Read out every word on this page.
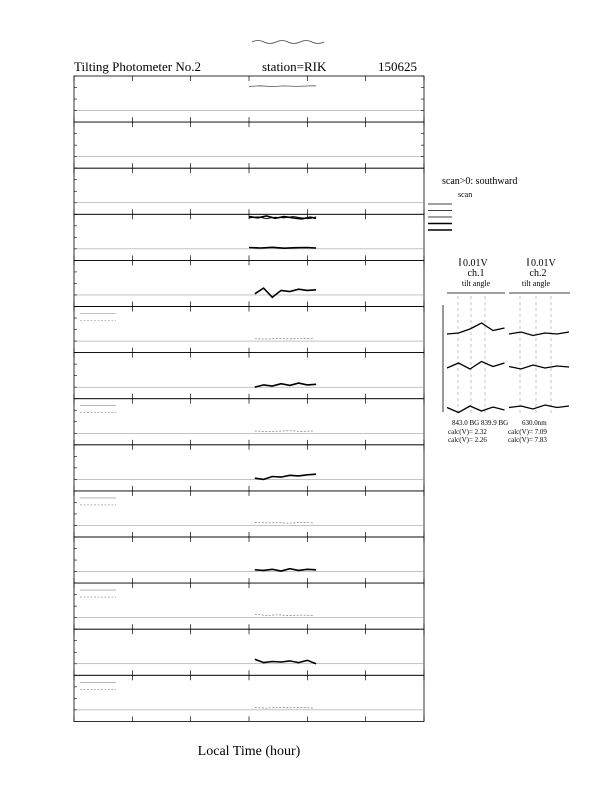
Tilting Photometer No.2	station=RIK	150625
Local Time (hour)
scan>0: southward
scan
0.01V	0.01V
ch.1	ch.2
tilt angle	tilt angle
843.0 BG 839.9 BG 630.0nm
calc(V)= 2.32
calc(V)= 2.26
calc(V)= 7.09
calc(V)= 7.83
